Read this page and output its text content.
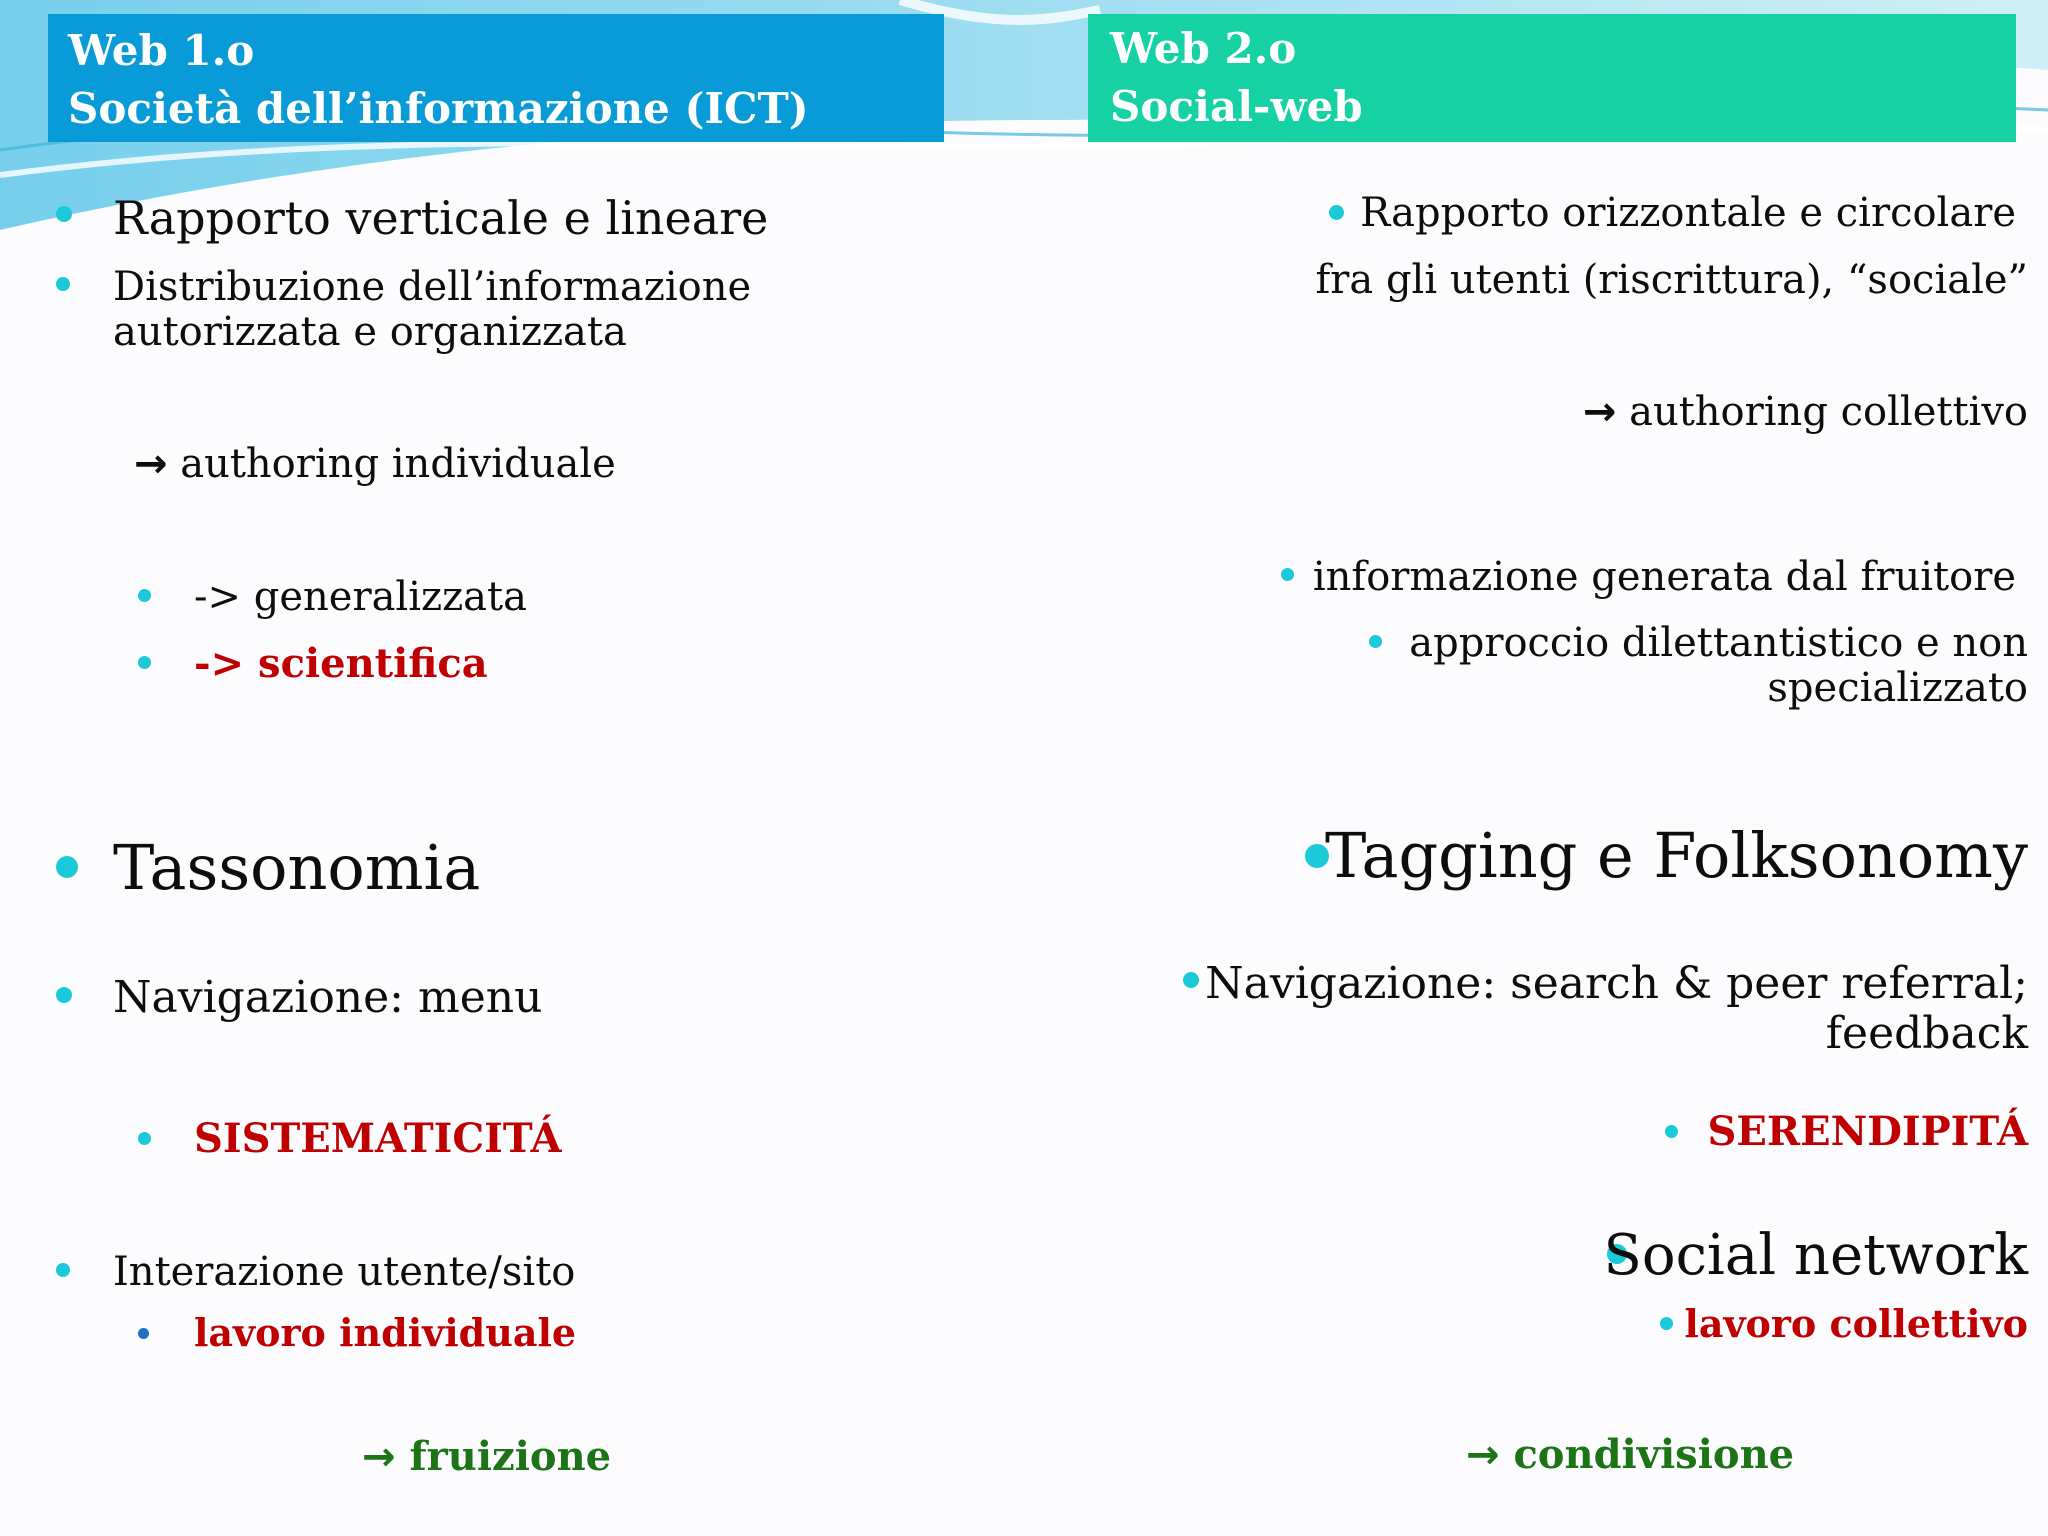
Web 1.o
Società dell’informazione (ICT)
Web 2.o
Social-web
Rapporto verticale e lineare
Distribuzione dell’informazione
autorizzata e organizzata
→ authoring individuale
-> generalizzata
-> scientifica
Tassonomia
Navigazione: menu
SISTEMATICITÁ
Interazione utente/sito
lavoro individuale
→ fruizione
Rapporto orizzontale e circolare
fra gli utenti (riscrittura), “sociale”
→ authoring collettivo
informazione generata dal fruitore
approccio dilettantistico e non
specializzato
Tagging e Folksonomy
Navigazione: search & peer referral;
feedback
SERENDIPITÁ
Social network
lavoro collettivo
→ condivisione
